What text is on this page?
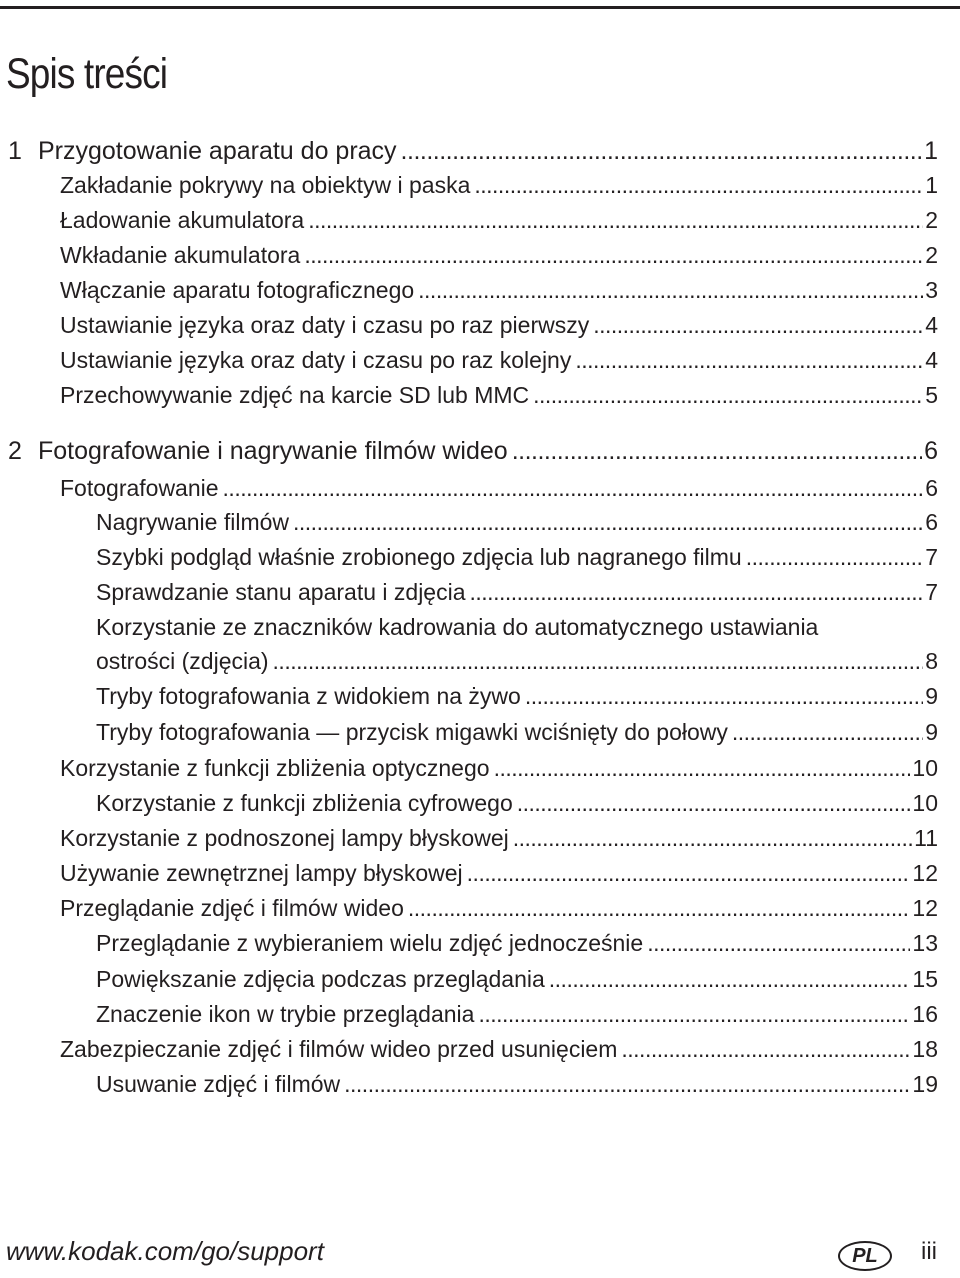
Spis treści
1 Przygotowanie aparatu do pracy .....	1
Zakładanie pokrywy na obiektyw i paska .....	1
Ładowanie akumulatora .....	2
Wkładanie akumulatora .....	2
Włączanie aparatu fotograficznego .....	3
Ustawianie języka oraz daty i czasu po raz pierwszy .....	4
Ustawianie języka oraz daty i czasu po raz kolejny .....	4
Przechowywanie zdjęć na karcie SD lub MMC .....	5
2 Fotografowanie i nagrywanie filmów wideo .....	6
Fotografowanie .....	6
Nagrywanie filmów .....	6
Szybki podgląd właśnie zrobionego zdjęcia lub nagranego filmu .....	7
Sprawdzanie stanu aparatu i zdjęcia .....	7
Korzystanie ze znaczników kadrowania do automatycznego ustawiania
ostrości (zdjęcia) .....	8
Tryby fotografowania z widokiem na żywo .....	9
Tryby fotografowania — przycisk migawki wciśnięty do połowy .....	9
Korzystanie z funkcji zbliżenia optycznego .....	10
Korzystanie z funkcji zbliżenia cyfrowego .....	10
Korzystanie z podnoszonej lampy błyskowej .....	11
Używanie zewnętrznej lampy błyskowej .....	12
Przeglądanie zdjęć i filmów wideo .....	12
Przeglądanie z wybieraniem wielu zdjęć jednocześnie .....	13
Powiększanie zdjęcia podczas przeglądania .....	15
Znaczenie ikon w trybie przeglądania .....	16
Zabezpieczanie zdjęć i filmów wideo przed usunięciem .....	18
Usuwanie zdjęć i filmów .....	19
www.kodak.com/go/support	PL	iii
